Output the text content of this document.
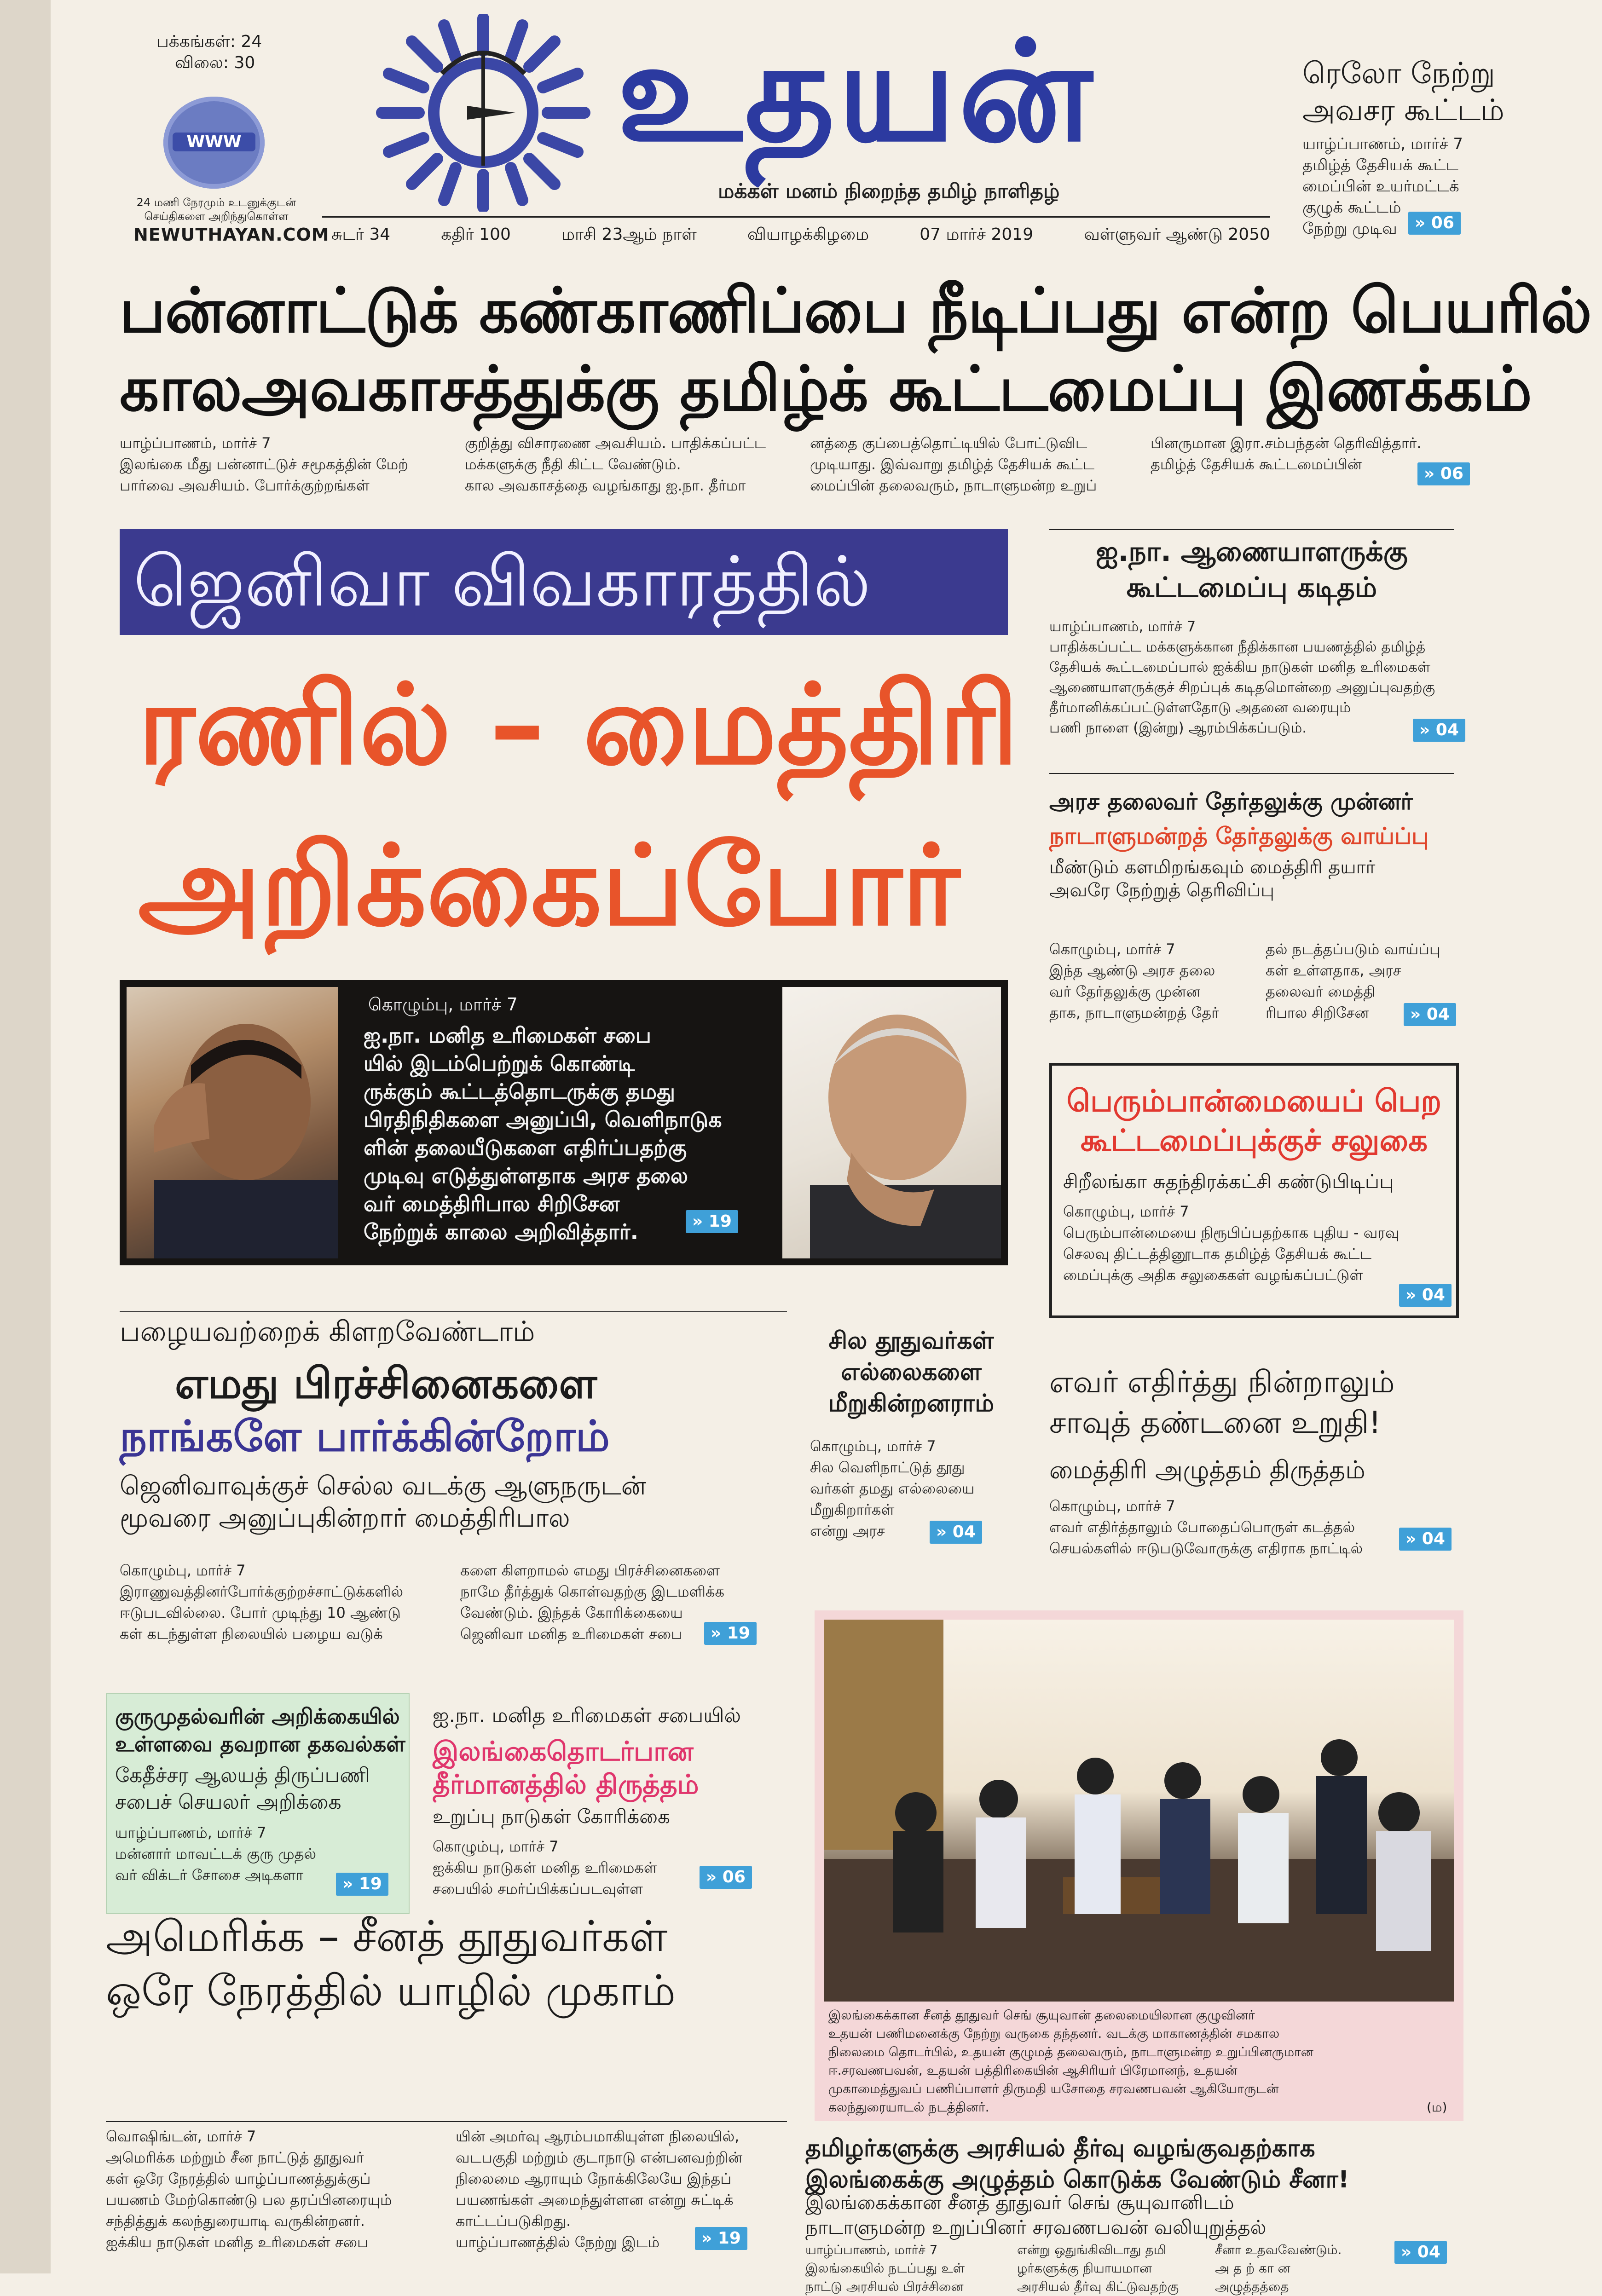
பக்கங்கள்: 24
விலை: 30
WWW
24 மணி நேரமும் உடனுக்குடன்
செய்திகளை அறிந்துகொள்ள
NEWUTHAYAN.COM
உதயன்
மக்கள் மனம் நிறைந்த தமிழ் நாளிதழ்
சுடர் 34	கதிர் 100	மாசி 23ஆம் நாள்	வியாழக்கிழமை	07 மார்ச் 2019	வள்ளுவர் ஆண்டு 2050
ரெலோ நேற்று
அவசர கூட்டம்
யாழ்ப்பாணம், மார்ச் 7
தமிழ்த் தேசியக் கூட்ட
மைப்பின் உயர்மட்டக்
குழுக் கூட்டம்
நேற்று முடிவ	» 06
பன்னாட்டுக் கண்காணிப்பை நீடிப்பது என்ற பெயரில்
காலஅவகாசத்துக்கு தமிழ்க் கூட்டமைப்பு இணக்கம்
யாழ்ப்பாணம், மார்ச் 7
இலங்கை மீது பன்னாட்டுச் சமூகத்தின் மேற்
பார்வை அவசியம். போர்க்குற்றங்கள்
குறித்து விசாரணை அவசியம். பாதிக்கப்பட்ட
மக்களுக்கு நீதி கிட்ட வேண்டும்.
கால அவகாசத்தை வழங்காது ஐ.நா. தீர்மா
னத்தை குப்பைத்தொட்டியில் போட்டுவிட
முடியாது. இவ்வாறு தமிழ்த் தேசியக் கூட்ட
மைப்பின் தலைவரும், நாடாளுமன்ற உறுப்
பினருமான இரா.சம்பந்தன் தெரிவித்தார்.
தமிழ்த் தேசியக் கூட்டமைப்பின்	» 06
ஜெனிவா விவகாரத்தில்
ரணில் – மைத்திரி
அறிக்கைப்போர்
கொழும்பு, மார்ச் 7
ஐ.நா. மனித உரிமைகள் சபை
யில் இடம்பெற்றுக் கொண்டி
ருக்கும் கூட்டத்தொடருக்கு தமது
பிரதிநிதிகளை அனுப்பி, வெளிநாடுக
ளின் தலையீடுகளை எதிர்ப்பதற்கு
முடிவு எடுத்துள்ளதாக அரச தலை
வர் மைத்திரிபால சிறிசேன
நேற்றுக் காலை அறிவித்தார்.	» 19
ஐ.நா. ஆணையாளருக்கு
கூட்டமைப்பு கடிதம்
யாழ்ப்பாணம், மார்ச் 7
பாதிக்கப்பட்ட மக்களுக்கான நீதிக்கான பயணத்தில் தமிழ்த்
தேசியக் கூட்டமைப்பால் ஐக்கிய நாடுகள் மனித உரிமைகள்
ஆணையாளருக்குச் சிறப்புக் கடிதமொன்றை அனுப்புவதற்கு
தீர்மானிக்கப்பட்டுள்ளதோடு அதனை வரையும்
பணி நாளை (இன்று) ஆரம்பிக்கப்படும்.	» 04
அரச தலைவர் தேர்தலுக்கு முன்னர்
நாடாளுமன்றத் தேர்தலுக்கு வாய்ப்பு
மீண்டும் களமிறங்கவும் மைத்திரி தயார்
அவரே நேற்றுத் தெரிவிப்பு
கொழும்பு, மார்ச் 7
இந்த ஆண்டு அரச தலை
வர் தேர்தலுக்கு முன்ன
தாக, நாடாளுமன்றத் தேர்
தல் நடத்தப்படும் வாய்ப்பு
கள் உள்ளதாக, அரச
தலைவர் மைத்தி
ரிபால சிறிசேன	» 04
பெரும்பான்மையைப் பெற
கூட்டமைப்புக்குச் சலுகை
சிறீலங்கா சுதந்திரக்கட்சி கண்டுபிடிப்பு
கொழும்பு, மார்ச் 7
பெரும்பான்மையை நிரூபிப்பதற்காக புதிய - வரவு
செலவு திட்டத்தினூடாக தமிழ்த் தேசியக் கூட்ட
மைப்புக்கு அதிக சலுகைகள் வழங்கப்பட்டுள்
» 04
பழையவற்றைக் கிளறவேண்டாம்
எமது பிரச்சினைகளை
நாங்களே பார்க்கின்றோம்
ஜெனிவாவுக்குச் செல்ல வடக்கு ஆளுநருடன்
மூவரை அனுப்புகின்றார் மைத்திரிபால
கொழும்பு, மார்ச் 7
இராணுவத்தினர்போர்க்குற்றச்சாட்டுக்களில்
ஈடுபடவில்லை. போர் முடிந்து 10 ஆண்டு
கள் கடந்துள்ள நிலையில் பழைய வடுக்
களை கிளறாமல் எமது பிரச்சினைகளை
நாமே தீர்த்துக் கொள்வதற்கு இடமளிக்க
வேண்டும். இந்தக் கோரிக்கையை
ஜெனிவா மனித உரிமைகள் சபை	» 19
சில தூதுவர்கள்
எல்லைகளை
மீறுகின்றனராம்
கொழும்பு, மார்ச் 7
சில வெளிநாட்டுத் தூது
வர்கள் தமது எல்லையை
மீறுகிறார்கள்
என்று அரச	» 04
எவர் எதிர்த்து நின்றாலும்
சாவுத் தண்டனை உறுதி!
மைத்திரி அழுத்தம் திருத்தம்
கொழும்பு, மார்ச் 7
எவர் எதிர்த்தாலும் போதைப்பொருள் கடத்தல்
செயல்களில் ஈடுபடுவோருக்கு எதிராக நாட்டில்	» 04
குருமுதல்வரின் அறிக்கையில்
உள்ளவை தவறான தகவல்கள்
கேதீச்சர ஆலயத் திருப்பணி
சபைச் செயலர் அறிக்கை
யாழ்ப்பாணம், மார்ச் 7
மன்னார் மாவட்டக் குரு முதல்
வர் விக்டர் சோசை அடிகளா	» 19
ஐ.நா. மனித உரிமைகள் சபையில்
இலங்கைதொடர்பான
தீர்மானத்தில் திருத்தம்
உறுப்பு நாடுகள் கோரிக்கை
கொழும்பு, மார்ச் 7
ஐக்கிய நாடுகள் மனித உரிமைகள்
சபையில் சமர்ப்பிக்கப்படவுள்ள
» 06
இலங்கைக்கான சீனத் தூதுவர் செங் சூயுவான் தலைமையிலான குழுவினர்
உதயன் பணிமனைக்கு நேற்று வருகை தந்தனர். வடக்கு மாகாணத்தின் சமகால
நிலைமை தொடர்பில், உதயன் குழுமத் தலைவரும், நாடாளுமன்ற உறுப்பினருமான
ஈ.சரவணபவன், உதயன் பத்திரிகையின் ஆசிரியர் பிரேமானந், உதயன்
முகாமைத்துவப் பணிப்பாளர் திருமதி யசோதை சரவணபவன் ஆகியோருடன்
கலந்துரையாடல் நடத்தினர்.	(ம)
அமெரிக்க – சீனத் தூதுவர்கள்
ஒரே நேரத்தில் யாழில் முகாம்
வொஷிங்டன், மார்ச் 7
அமெரிக்க மற்றும் சீன நாட்டுத் தூதுவர்
கள் ஒரே நேரத்தில் யாழ்ப்பாணத்துக்குப்
பயணம் மேற்கொண்டு பல தரப்பினரையும்
சந்தித்துக் கலந்துரையாடி வருகின்றனர்.
ஐக்கிய நாடுகள் மனித உரிமைகள் சபை
யின் அமர்வு ஆரம்பமாகியுள்ள நிலையில்,
வடபகுதி மற்றும் குடாநாடு என்பனவற்றின்
நிலைமை ஆராயும் நோக்கிலேயே இந்தப்
பயணங்கள் அமைந்துள்ளன என்று சுட்டிக்
காட்டப்படுகிறது.
யாழ்ப்பாணத்தில் நேற்று இடம்	» 19
தமிழர்களுக்கு அரசியல் தீர்வு வழங்குவதற்காக
இலங்கைக்கு அழுத்தம் கொடுக்க வேண்டும் சீனா!
இலங்கைக்கான சீனத் தூதுவர் செங் சூயுவானிடம்
நாடாளுமன்ற உறுப்பினர் சரவணபவன் வலியுறுத்தல்
யாழ்ப்பாணம், மார்ச் 7
இலங்கையில் நடப்பது உள்
நாட்டு அரசியல் பிரச்சினை
என்று ஒதுங்கிவிடாது தமி
ழர்களுக்கு நியாயமான
அரசியல் தீர்வு கிட்டுவதற்கு
சீனா உதவவேண்டும்.
அ த ற் கா ன
அழுத்தத்தை
» 04
